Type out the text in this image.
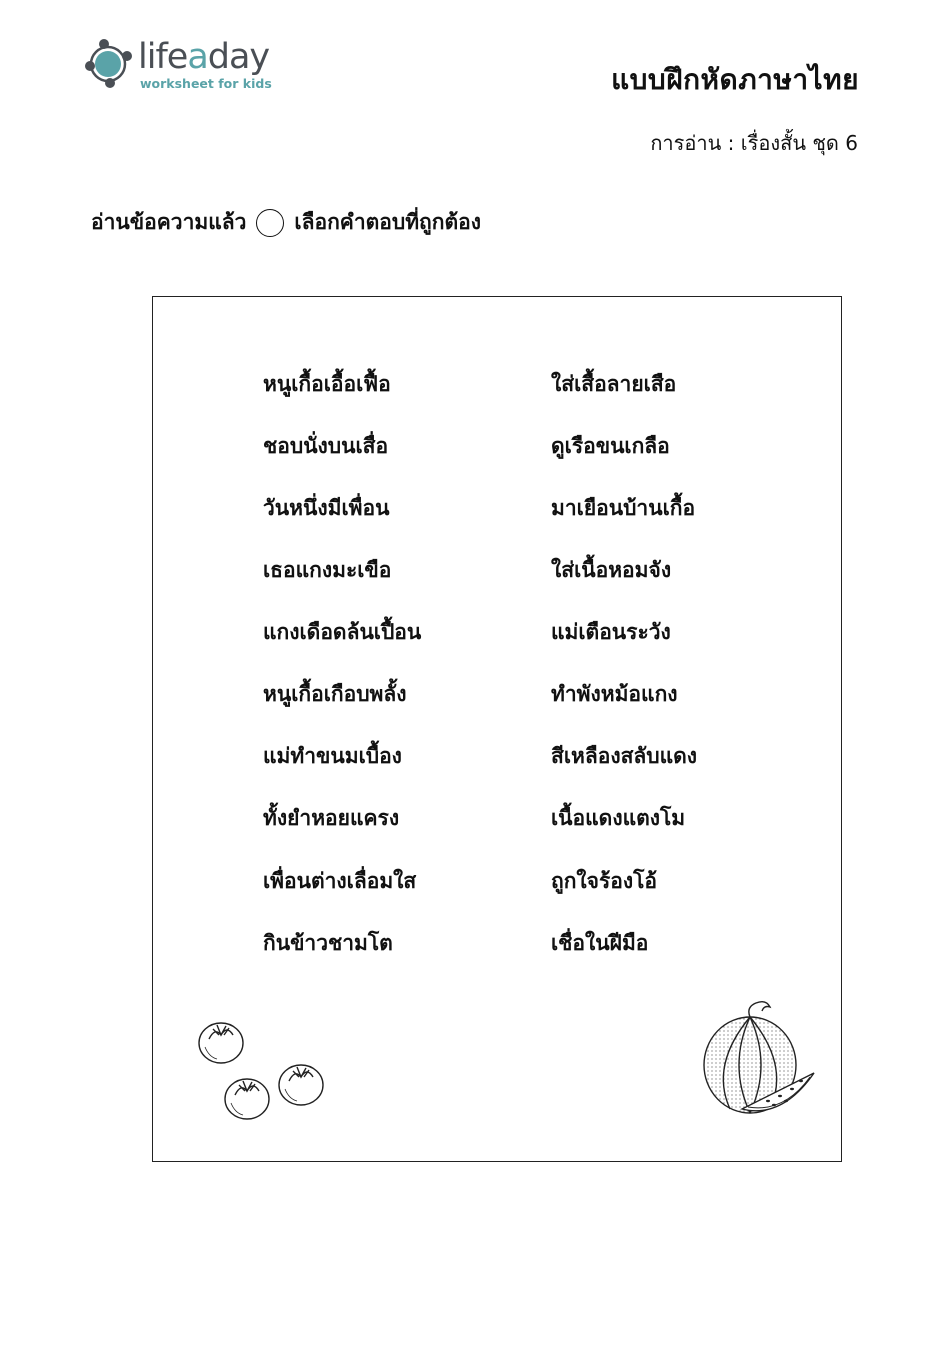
lifeaday
worksheet for kids	แบบฝึกหัดภาษาไทย
การอ่าน : เรื่องสั้น ชุด 6
อ่านข้อความแล้ว เลือกคำตอบที่ถูกต้อง
หนูเกื้อเอื้อเฟื้อ
ชอบนั่งบนเสื่อ
วันหนึ่งมีเพื่อน
เธอแกงมะเขือ
แกงเดือดล้นเปื้อน
หนูเกื้อเกือบพลั้ง
แม่ทำขนมเบื้อง
ทั้งยำหอยแครง
เพื่อนต่างเลื่อมใส
กินข้าวชามโต
ใส่เสื้อลายเสือ
ดูเรือขนเกลือ
มาเยือนบ้านเกื้อ
ใส่เนื้อหอมจัง
แม่เตือนระวัง
ทำพังหม้อแกง
สีเหลืองสลับแดง
เนื้อแดงแตงโม
ถูกใจร้องโอ้
เชื่อในฝีมือ
